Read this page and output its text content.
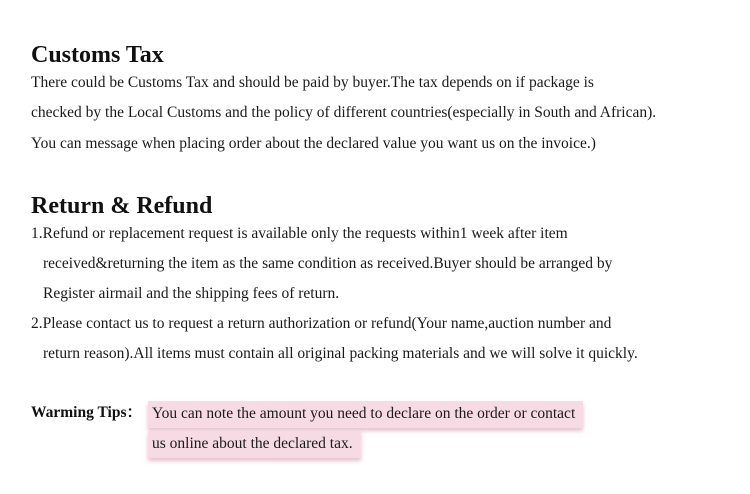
Customs Tax
There could be Customs Tax and should be paid by buyer.The tax depends on if package is
checked by the Local Customs and the policy of different countries(especially in South and African).
You can message when placing order about the declared value you want us on the invoice.)
Return & Refund
1.Refund or replacement request is available only the requests within1 week after item
received&returning the item as the same condition as received.Buyer should be arranged by
Register airmail and the shipping fees of return.
2.Please contact us to request a return authorization or refund(Your name,auction number and
return reason).All items must contain all original packing materials and we will solve it quickly.
Warming Tips： You can note the amount you need to declare on the order or contact
us online about the declared tax.
